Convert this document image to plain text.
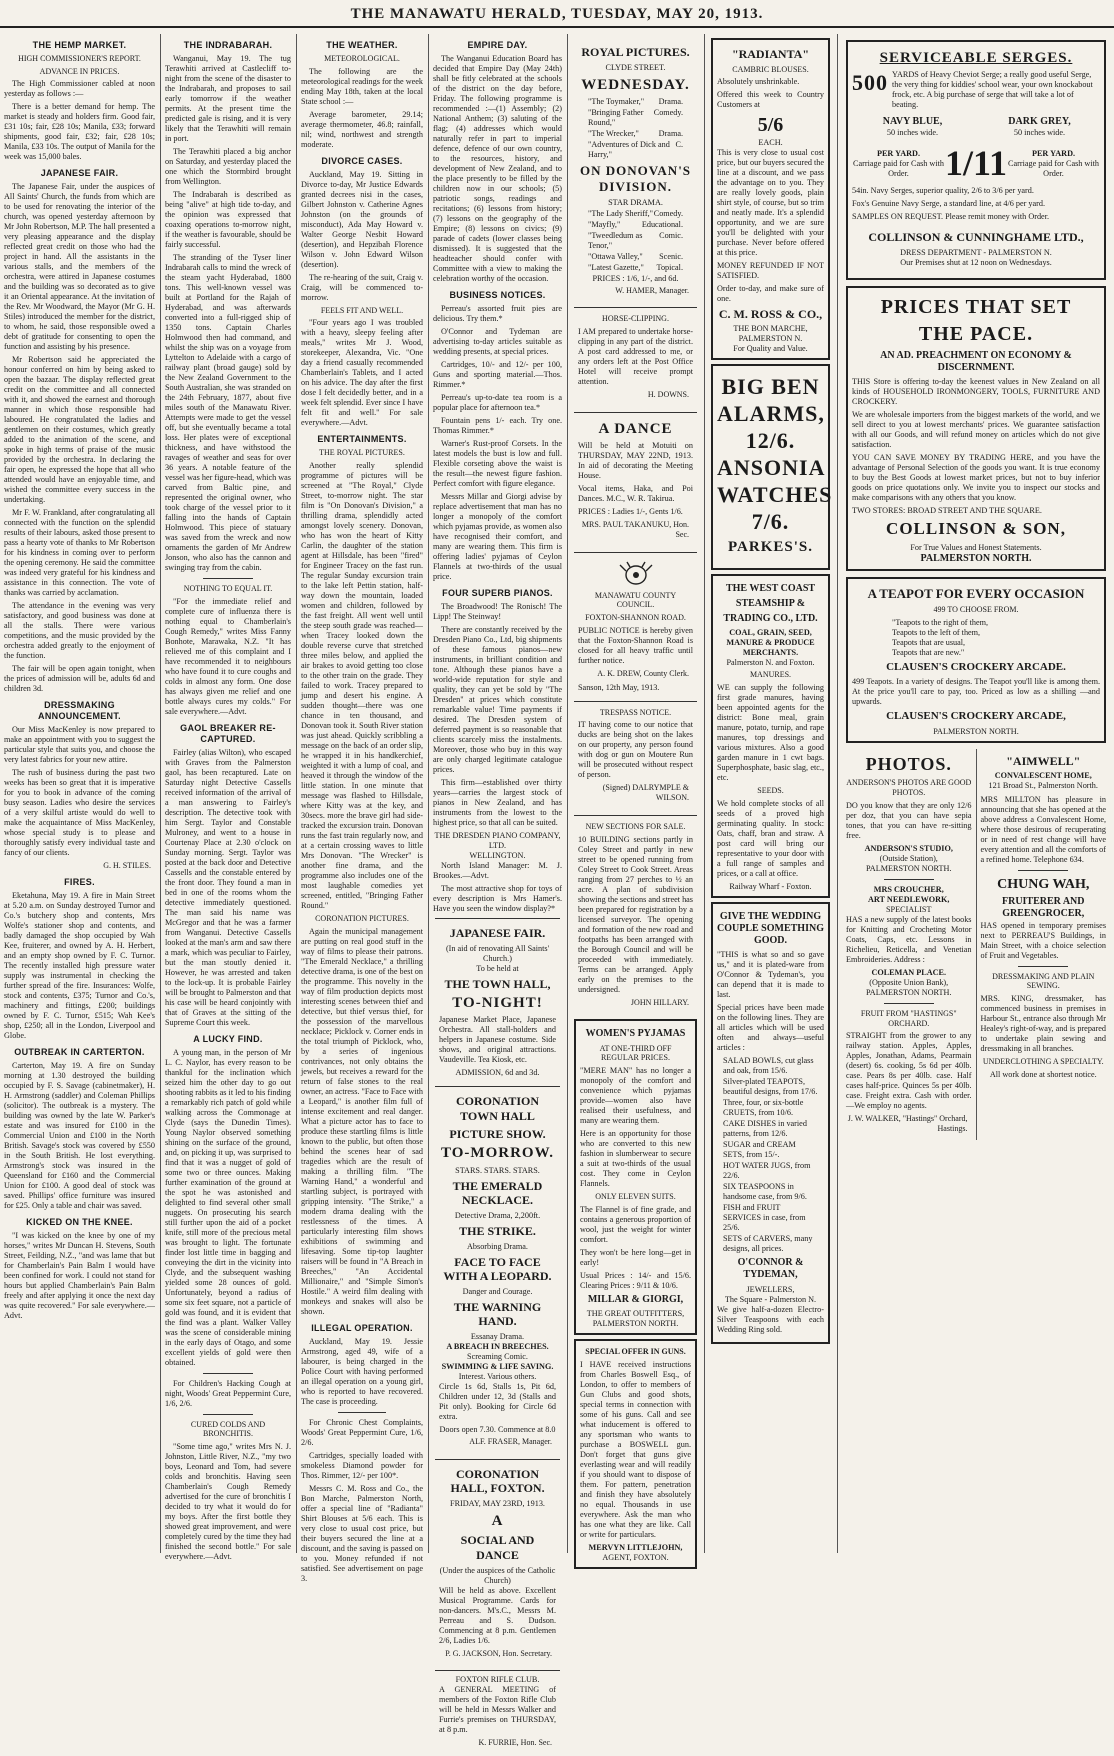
THE MANAWATU HERALD, TUESDAY, MAY 20, 1913.
THE HEMP MARKET.
HIGH COMMISSIONER'S REPORT.
ADVANCE IN PRICES.

The High Commissioner cabled at noon yesterday as follows :—

There is a better demand for hemp. The market is steady and holders firm. Good fair, £31 10s; fair, £28 10s; Manila, £33; forward shipments, good fair, £32; fair, £28 10s; Manila, £33 10s. The output of Manila for the week was 15,000 bales.

JAPANESE FAIR.

The Japanese Fair, under the auspices of All Saints' Church, the funds from which are to be used for renovating the interior of the church, was opened yesterday afternoon by Mr John Robertson, M.P. The hall presented a very pleasing appearance and the display reflected great credit on those who had the project in hand. All the assistants in the various stalls, and the members of the orchestra, were attired in Japanese costumes and the building was so decorated as to give it an Oriental appearance. At the invitation of the Rev. Mr Woodward, the Mayor (Mr G. H. Stiles) introduced the member for the district, to whom, he said, those responsible owed a debt of gratitude for consenting to open the function and assisting by his presence.

Mr Robertson said he appreciated the honour conferred on him by being asked to open the bazaar. The display reflected great credit on the committee and all connected with it, and showed the earnest and thorough manner in which those responsible had laboured. He congratulated the ladies and gentlemen on their costumes, which greatly added to the animation of the scene, and spoke in high terms of praise of the music provided by the orchestra. In declaring the fair open, he expressed the hope that all who attended would have an enjoyable time, and wished the committee every success in the undertaking.

Mr F. W. Frankland, after congratulating all connected with the function on the splendid results of their labours, asked those present to pass a hearty vote of thanks to Mr Robertson for his kindness in coming over to perform the opening ceremony. He said the committee was indeed very grateful for his kindness and assistance in this connection. The vote of thanks was carried by acclamation.

The attendance in the evening was very satisfactory, and good business was done at all the stalls. There were various competitions, and the music provided by the orchestra added greatly to the enjoyment of the function.

The fair will be open again tonight, when the prices of admission will be, adults 6d and children 3d.

DRESSMAKING ANNOUNCEMENT.

Our Miss MacKenley is now prepared to make an appointment with you to suggest the particular style that suits you, and choose the very latest fabrics for your new attire.

The rush of business during the past two weeks has been so great that it is imperative for you to book in advance of the coming busy season. Ladies who desire the services of a very skilful artiste would do well to make the acquaintance of Miss MacKenley, whose special study is to please and thoroughly satisfy every individual taste and fancy of our clients.

G. H. STILES.
FIRES.

Eketahuna, May 19. A fire in Main Street at 5.20 a.m. on Sunday destroyed Turnor and Co.'s butchery shop and contents, Mrs Wolfe's stationer shop and contents, and badly damaged the shop occupied by Wah Kee, fruiterer, and owned by A. H. Herbert, and an empty shop owned by F. C. Turnor. The recently installed high pressure water supply was instrumental in checking the further spread of the fire. Insurances: Wolfe, stock and contents, £375; Turnor and Co.'s, machinery and fittings, £200; buildings owned by F. C. Turnor, £515; Wah Kee's shop, £250; all in the London, Liverpool and Globe.

OUTBREAK IN CARTERTON.

Carterton, May 19. A fire on Sunday morning at 1.30 destroyed the building occupied by F. S. Savage (cabinetmaker), H. H. Armstrong (saddler) and Coleman Phillips (solicitor). The outbreak is a mystery. The building was owned by the late W. Parker's estate and was insured for £100 in the Commercial Union and £100 in the North British. Savage's stock was covered by £550 in the South British. He lost everything. Armstrong's stock was insured in the Queensland for £160 and the Commercial Union for £100. A good deal of stock was saved. Phillips' office furniture was insured for £25. Only a table and chair was saved.

KICKED ON THE KNEE.

"I was kicked on the knee by one of my horses," writes Mr Duncan H. Stevens, South Street, Feilding, N.Z., "and was lame that but for Chamberlain's Pain Balm I would have been confined for work. I could not stand for hours but applied Chamberlain's Pain Balm freely and after applying it once the next day was quite recovered." For sale everywhere.—Advt.

THE INDRABARAH.

Wanganui, May 19. The tug Terawhiti arrived at Castlecliff to-night from the scene of the disaster to the Indrabarah, and proposes to sail early tomorrow if the weather permits. At the present time the predicted gale is rising, and it is very likely that the Terawhiti will remain in port.

The Terawhiti placed a big anchor on Saturday, and yesterday placed the one which the Stormbird brought from Wellington.

The Indrabarah is described as being "alive" at high tide to-day, and the opinion was expressed that coaxing operations to-morrow night, if the weather is favourable, should be fairly successful.

The stranding of the Tyser liner Indrabarah calls to mind the wreck of the steam yacht Hyderabad, 1800 tons. This well-known vessel was built at Portland for the Rajah of Hyderabad, and was afterwards converted into a full-rigged ship of 1350 tons. Captain Charles Holmwood then had command, and whilst the ship was on a voyage from Lyttelton to Adelaide with a cargo of railway plant (broad gauge) sold by the New Zealand Government to the South Australian, she was stranded on the 24th February, 1877, about five miles south of the Manawatu River. Attempts were made to get the vessel off, but she eventually became a total loss. Her plates were of exceptional thickness, and have withstood the ravages of weather and seas for over 36 years. A notable feature of the vessel was her figure-head, which was carved from Baltic pine, and represented the original owner, who took charge of the vessel prior to it falling into the hands of Captain Holmwood. This piece of statuary was saved from the wreck and now ornaments the garden of Mr Andrew Jonson, who also has the cannon and swinging tray from the cabin.

NOTHING TO EQUAL IT.

"For the immediate relief and complete cure of influenza there is nothing equal to Chamberlain's Cough Remedy," writes Miss Fanny Bonhote, Marawaka, N.Z. "It has relieved me of this complaint and I have recommended it to neighbours who have found it to cure coughs and colds in almost any form. One dose has always given me relief and one bottle always cures my colds." For sale everywhere.—Advt.

GAOL BREAKER RE-CAPTURED.

Fairley (alias Wilton), who escaped with Graves from the Palmerston gaol, has been recaptured. Late on Saturday night Detective Cassells received information of the arrival of a man answering to Fairley's description. The detective took with him Sergt. Taylor and Constable Mulroney, and went to a house in Courtenay Place at 2.30 o'clock on Sunday morning. Sergt. Taylor was posted at the back door and Detective Cassells and the constable entered by the front door. They found a man in bed in one of the rooms whom the detective immediately questioned. The man said his name was McGregor and that he was a farmer from Wanganui. Detective Cassells looked at the man's arm and saw there a mark, which was peculiar to Fairley, but the man stoutly denied it. However, he was arrested and taken to the lock-up. It is probable Fairley will be brought to Palmerston and that his case will be heard conjointly with that of Graves at the sitting of the Supreme Court this week.

A LUCKY FIND.

A young man, in the person of Mr L. C. Naylor, has every reason to be thankful for the inclination which seized him the other day to go out shooting rabbits as it led to his finding a remarkably rich patch of gold while walking across the Commonage at Clyde (says the Dunedin Times). Young Naylor observed something shining on the surface of the ground, and, on picking it up, was surprised to find that it was a nugget of gold of some two or three ounces. Making further examination of the ground at the spot he was astonished and delighted to find several other small nuggets. On prosecuting his search still further upon the aid of a pocket knife, still more of the precious metal was brought to light. The fortunate finder lost little time in bagging and conveying the dirt in the vicinity into Clyde, and the subsequent washing yielded some 28 ounces of gold. Unfortunately, beyond a radius of some six feet square, not a particle of gold was found, and it is evident that the find was a plant. Walker Valley was the scene of considerable mining in the early days of Otago, and some excellent yields of gold were then obtained.

For Children's Hacking Cough at night, Woods' Great Peppermint Cure, 1/6, 2/6.

CURED COLDS AND BRONCHITIS.

"Some time ago," writes Mrs N. J. Johnston, Little River, N.Z., "my two boys, Leonard and Tom, had severe colds and bronchitis. Having seen Chamberlain's Cough Remedy advertised for the cure of bronchitis I decided to try what it would do for my boys. After the first bottle they showed great improvement, and were completely cured by the time they had finished the second bottle." For sale everywhere.—Advt.

THE WEATHER.
METEOROLOGICAL.

The following are the meteorological readings for the week ending May 18th, taken at the local State school :—

Average barometer, 29.14; average thermometer, 46.8; rainfall, nil; wind, northwest and strength moderate.

DIVORCE CASES.

Auckland, May 19. Sitting in Divorce to-day, Mr Justice Edwards granted decrees nisi in the cases, Gilbert Johnston v. Catherine Agnes Johnston (on the grounds of misconduct), Ada May Howard v. Walter George Nesbit Howard (desertion), and Hepzibah Florence Wilson v. John Edward Wilson (desertion).

The re-hearing of the suit, Craig v. Craig, will be commenced to-morrow.

FEELS FIT AND WELL.

"Four years ago I was troubled with a heavy, sleepy feeling after meals," writes Mr J. Wood, storekeeper, Alexandra, Vic. "One day a friend casually recommended Chamberlain's Tablets, and I acted on his advice. The day after the first dose I felt decidedly better, and in a week felt splendid. Ever since I have felt fit and well." For sale everywhere.—Advt.

ENTERTAINMENTS.
THE ROYAL PICTURES.

Another really splendid programme of pictures will be screened at "The Royal," Clyde Street, to-morrow night. The star film is "On Donovan's Division," a thrilling drama, splendidly acted amongst lovely scenery. Donovan, who has won the heart of Kitty Carlin, the daughter of the station agent at Hillsdale, has been "fired" for Engineer Tracey on the fast run. The regular Sunday excursion train to the lake left Pettin station, half-way down the mountain, loaded women and children, followed by the fast freight. All went well until the steep south grade was reached—when Tracey looked down the double reverse curve that stretched three miles below, and applied the air brakes to avoid getting too close to the other train on the grade. They failed to work. Tracey prepared to jump and desert his engine. A sudden thought—there was one chance in ten thousand, and Donovan took it. South River station was just ahead. Quickly scribbling a message on the back of an order slip, he wrapped it in his handkerchief, weighted it with a lump of coal, and heaved it through the window of the little station. In one minute that message was flashed to Hillsdale, where Kitty was at the key, and 30secs. more the brave girl had side-tracked the excursion train. Donovan runs the fast train regularly now, and at a certain crossing waves to little Mrs Donovan. "The Wrecker" is another fine drama, and the programme also includes one of the most laughable comedies yet screened, entitled, "Bringing Father Round."

CORONATION PICTURES.

Again the municipal management are putting on real good stuff in the way of films to please their patrons. "The Emerald Necklace," a thrilling detective drama, is one of the best on the programme. This novelty in the way of film production depicts most interesting scenes between thief and detective, but thief versus thief, for the possession of the marvellous necklace; Picklock v. Corner ends in the total triumph of Picklock, who, by a series of ingenious contrivances, not only obtains the jewels, but receives a reward for the return of false stones to the real owner, an actress. "Face to Face with a Leopard," is another film full of intense excitement and real danger. What a picture actor has to face to produce these startling films is little known to the public, but often those behind the scenes hear of sad tragedies which are the result of making a thrilling film. "The Warning Hand," a wonderful and startling subject, is portrayed with gripping intensity. "The Strike," a modern drama dealing with the restlessness of the times. A particularly interesting film shows exhibitions of swimming and lifesaving. Some tip-top laughter raisers will be found in "A Breach in Breeches," "An Accidental Millionaire," and "Simple Simon's Hostile." A weird film dealing with monkeys and snakes will also be shown.

ILLEGAL OPERATION.

Auckland, May 19. Jessie Armstrong, aged 49, wife of a labourer, is being charged in the Police Court with having performed an illegal operation on a young girl, who is reported to have recovered. The case is proceeding.

For Chronic Chest Complaints, Woods' Great Peppermint Cure, 1/6, 2/6.

Cartridges, specially loaded with smokeless Diamond powder for Thos. Rimmer, 12/- per 100*.

Messrs C. M. Ross and Co., the Bon Marche, Palmerston North, offer a special line of "Radianta" Shirt Blouses at 5/6 each. This is very close to usual cost price, but their buyers secured the line at a discount, and the saving is passed on to you. Money refunded if not satisfied. See advertisement on page 3.

EMPIRE DAY.

The Wanganui Education Board has decided that Empire Day (May 24th) shall be fitly celebrated at the schools of the district on the day before, Friday. The following programme is recommended :—(1) Assembly; (2) National Anthem; (3) saluting of the flag; (4) addresses which would naturally refer in part to imperial defence, defence of our own country, to the resources, history, and development of New Zealand, and to the place presently to be filled by the children now in our schools; (5) patriotic songs, readings and recitations; (6) lessons from history; (7) lessons on the geography of the Empire; (8) lessons on civics; (9) parade of cadets (lower classes being dismissed). It is suggested that the headteacher should confer with Committee with a view to making the celebration worthy of the occasion.

BUSINESS NOTICES.

Perreau's assorted fruit pies are delicious. Try them.*

O'Connor and Tydeman are advertising to-day articles suitable as wedding presents, at special prices.

Cartridges, 10/- and 12/- per 100, Guns and sporting material.—Thos. Rimmer.*

Perreau's up-to-date tea room is a popular place for afternoon tea.*

Fountain pens 1/- each. Try one. Thomas Rimmer.*

Warner's Rust-proof Corsets. In the latest models the bust is low and full. Flexible corseting above the waist is the result—the newest figure fashion. Perfect comfort with figure elegance.

Messrs Millar and Giorgi advise by replace advertisement that man has no longer a monopoly of the comfort which pyjamas provide, as women also have recognised their comfort, and many are wearing them. This firm is offering ladies' pyjamas of Ceylon Flannels at two-thirds of the usual price.

FOUR SUPERB PIANOS.

The Broadwood! The Ronisch! The Lipp! The Steinway!

There are constantly received by the Dresden Piano Co., Ltd, big shipments of these famous pianos—new instruments, in brilliant condition and tone. Although these pianos have a world-wide reputation for style and quality, they can yet be sold by "The Dresden" at prices which constitute remarkable value! Time payments if desired. The Dresden system of deferred payment is so reasonable that clients scarcely miss the instalments. Moreover, those who buy in this way are only charged legitimate catalogue prices.

This firm—established over thirty years—carries the largest stock of pianos in New Zealand, and has instruments from the lowest to the highest price, so that all can be suited.

THE DRESDEN PIANO COMPANY, LTD.
WELLINGTON.

North Island Manager: M. J. Brookes.—Advt.

The most attractive shop for toys of every description is Mrs Hamer's. Have you seen the window display?*

JAPANESE FAIR.
(In aid of renovating All Saints' Church.)
To be held at
THE TOWN HALL,
TO-NIGHT!

Japanese Market Place, Japanese Orchestra. All stall-holders and helpers in Japanese costume. Side shows, and original attractions. Vaudeville. Tea Kiosk, etc.

ADMISSION, 6d and 3d.
CORONATION TOWN HALL
PICTURE SHOW.
TO-MORROW.
STARS. STARS. STARS.
THE EMERALD NECKLACE.
Detective Drama, 2,200ft.
THE STRIKE.
Absorbing Drama.
FACE TO FACE WITH A LEOPARD.
Danger and Courage.
THE WARNING HAND.
Essanay Drama.
A BREACH IN BREECHES.
Screaming Comic.
SWIMMING & LIFE SAVING.
Interest. Various others.

Circle 1s 6d, Stalls 1s, Pit 6d, Children under 12, 3d (Stalls and Pit only). Booking for Circle 6d extra.

Doors open 7.30. Commence at 8.0
ALF. FRASER, Manager.
CORONATION HALL, FOXTON.
FRIDAY, MAY 23RD, 1913.
A
SOCIAL AND DANCE
(Under the auspices of the Catholic Church)

Will be held as above. Excellent Musical Programme. Cards for non-dancers. M's.C., Messrs M. Perreau and S. Dudson. Commencing at 8 p.m. Gentlemen 2/6, Ladies 1/6.

P. G. JACKSON, Hon. Secretary.
FOXTON RIFLE CLUB.

A GENERAL MEETING of members of the Foxton Rifle Club will be held in Messrs Walker and Furrie's premises on THURSDAY, at 8 p.m.

K. FURRIE, Hon. Sec.
ROYAL PICTURES.
CLYDE STREET.
WEDNESDAY.
"The Toymaker," Drama.
"Bringing Father Round,"
Comedy.
"The Wrecker," Drama.
"Adventures of Dick and Harry,"
C.
ON DONOVAN'S DIVISION.
STAR DRAMA.
"The Lady Sheriff," Comedy.
"Mayfly,"	Educational.
"Tweedledum as Tenor,"
Comic.
"Ottawa Valley," Scenic.
"Latest Gazette," Topical.
PRICES : 1/6, 1/-, and 6d.
W. HAMER, Manager.
HORSE-CLIPPING.

I AM prepared to undertake horse-clipping in any part of the district. A post card addressed to me, or any orders left at the Post Office Hotel will receive prompt attention.

H. DOWNS.
A DANCE

Will be held at Motuiti on THURSDAY, MAY 22ND, 1913. In aid of decorating the Meeting House.

Vocal items, Haka, and Poi Dances. M.C., W. R. Takirua.

PRICES : Ladies 1/-, Gents 1/6.

MRS. PAUL TAKANUKU, Hon. Sec.
MANAWATU COUNTY COUNCIL.
FOXTON-SHANNON ROAD.

PUBLIC NOTICE is hereby given that the Foxton-Shannon Road is closed for all heavy traffic until further notice.

A. K. DREW, County Clerk.
Sanson, 12th May, 1913.
TRESPASS NOTICE.

IT having come to our notice that ducks are being shot on the lakes on our property, any person found with dog or gun on Moutere Run will be prosecuted without respect of person.

(Signed) DALRYMPLE & WILSON.
NEW SECTIONS FOR SALE.

10 BUILDING sections partly in Coley Street and partly in new street to be opened running from Coley Street to Cook Street. Areas ranging from 27 perches to ½ an acre. A plan of subdivision showing the sections and street has been prepared for registration by a licensed surveyor. The opening and formation of the new road and footpaths has been arranged with the Borough Council and will be proceeded with immediately. Terms can be arranged. Apply early on the premises to the undersigned.

JOHN HILLARY.
WOMEN'S PYJAMAS
AT ONE-THIRD OFF REGULAR PRICES.

"MERE MAN" has no longer a monopoly of the comfort and convenience which pyjamas provide—women also have realised their usefulness, and many are wearing them.

Here is an opportunity for those who are converted to this new fashion in slumberwear to secure a suit at two-thirds of the usual cost. They come in Ceylon Flannels.

ONLY ELEVEN SUITS.

The Flannel is of fine grade, and contains a generous proportion of wool, just the weight for winter comfort.

They won't be here long—get in early!

Usual Prices : 14/- and 15/6. Clearing Prices : 9/11 & 10/6.

MILLAR & GIORGI,
THE GREAT OUTFITTERS,
PALMERSTON NORTH.
SPECIAL OFFER IN GUNS.

I HAVE received instructions from Charles Boswell Esq., of London, to offer to members of Gun Clubs and good shots, special terms in connection with some of his guns. Call and see what inducement is offered to any sportsman who wants to purchase a BOSWELL gun. Don't forget that guns give everlasting wear and will readily if you should want to dispose of them. For pattern, penetration and finish they have absolutely no equal. Thousands in use everywhere. Ask the man who has one what they are like. Call or write for particulars.

MERVYN LITTLEJOHN,
AGENT, FOXTON.
"RADIANTA"
CAMBRIC BLOUSES.

Absolutely unshrinkable.

Offered this week to Country Customers at

5/6
EACH.

This is very close to usual cost price, but our buyers secured the line at a discount, and we pass the advantage on to you. They are really lovely goods, plain shirt style, of course, but so trim and neatly made. It's a splendid opportunity, and we are sure you'll be delighted with your purchase. Never before offered at this price.

MONEY REFUNDED IF NOT SATISFIED.

Order to-day, and make sure of one.

C. M. ROSS & CO.,
THE BON MARCHE,
PALMERSTON N.
For Quality and Value.
BIG BEN
ALARMS,
12/6.
ANSONIA
WATCHES
7/6.
PARKES'S.
THE WEST COAST
STEAMSHIP &
TRADING CO., LTD.
COAL, GRAIN, SEED, MANURE & PRODUCE MERCHANTS.
Palmerston N. and Foxton.
MANURES.

WE can supply the following first grade manures, having been appointed agents for the district: Bone meal, grain manure, potato, turnip, and rape manures, top dressings and various mixtures. Also a good garden manure in 1 cwt bags. Superphosphate, basic slag, etc., etc.

SEEDS.

We hold complete stocks of all seeds of a proved high germinating quality. In stock: Oats, chaff, bran and straw. A post card will bring our representative to your door with a full range of samples and prices, or a call at office.

Railway Wharf - Foxton.
GIVE THE WEDDING COUPLE SOMETHING GOOD.

"THIS is what so and so gave us," and it is plated-ware from O'Connor & Tydeman's, you can depend that it is made to last.

Special prices have been made on the following lines. They are all articles which will be used often and always—useful articles :

SALAD BOWLS, cut glass and oak, from 15/6.
Silver-plated TEAPOTS, beautiful designs, from 17/6.
Three, four, or six-bottle CRUETS, from 10/6.
CAKE DISHES in varied patterns, from 12/6.
SUGAR and CREAM SETS, from 15/-.
HOT WATER JUGS, from 22/6.
SIX TEASPOONS in handsome case, from 9/6.
FISH and FRUIT SERVICES in case, from 25/6.
SETS of CARVERS, many designs, all prices.
O'CONNOR & TYDEMAN,
JEWELLERS,
The Square - Palmerston N.

We give half-a-dozen Electro-Silver Teaspoons with each Wedding Ring sold.

SERVICEABLE SERGES.
500 YARDS of Heavy Cheviot Serge; a really good useful Serge, the very thing for kiddies' school wear, your own knockabout frock, etc. A big purchase of serge that will take a lot of beating.
NAVY BLUE,
50 inches wide.
DARK GREY,
50 inches wide.
PER YARD.
Carriage paid for Cash with Order.	1/11	PER YARD.
Carriage paid for Cash with Order.

54in. Navy Serges, superior quality, 2/6 to 3/6 per yard.

Fox's Genuine Navy Serge, a standard line, at 4/6 per yard.

SAMPLES ON REQUEST. Please remit money with Order.

COLLINSON & CUNNINGHAME LTD.,
DRESS DEPARTMENT - PALMERSTON N.
Our Premises shut at 12 noon on Wednesdays.
PRICES THAT SET
THE PACE.
AN AD. PREACHMENT ON ECONOMY & DISCERNMENT.

THIS Store is offering to-day the keenest values in New Zealand on all kinds of HOUSEHOLD IRONMONGERY, TOOLS, FURNITURE AND CROCKERY.

We are wholesale importers from the biggest markets of the world, and we sell direct to you at lowest merchants' prices. We guarantee satisfaction with all our Goods, and will refund money on articles which do not give satisfaction.

YOU CAN SAVE MONEY BY TRADING HERE, and you have the advantage of Personal Selection of the goods you want. It is true economy to buy the Best Goods at lowest market prices, but not to buy inferior goods on price quotations only. We invite you to inspect our stocks and make comparisons with any others that you know.

TWO STORES: BROAD STREET AND THE SQUARE.

COLLINSON & SON,
For True Values and Honest Statements.
PALMERSTON NORTH.
A TEAPOT FOR EVERY OCCASION
499 TO CHOOSE FROM.
"Teapots to the right of them,
Teapots to the left of them,
Teapots that are usual,
Teapots that are new."
CLAUSEN'S CROCKERY ARCADE.

499 Teapots. In a variety of designs. The Teapot you'll like is among them. At the price you'll care to pay, too. Priced as low as a shilling —and upwards.

CLAUSEN'S CROCKERY ARCADE,
PALMERSTON NORTH.
PHOTOS.
ANDERSON'S PHOTOS ARE GOOD PHOTOS.

DO you know that they are only 12/6 per doz, that you can have sepia tones, that you can have re-sitting free.

ANDERSON'S STUDIO,
(Outside Station),
PALMERSTON NORTH.
MRS CROUCHER,
ART NEEDLEWORK,
SPECIALIST

HAS a new supply of the latest books for Knitting and Crocheting Motor Coats, Caps, etc. Lessons in Richelieu, Reticella, and Venetian Embroideries. Address :

COLEMAN PLACE.
(Opposite Union Bank),
PALMERSTON NORTH.
FRUIT FROM "HASTINGS" ORCHARD.

STRAIGHT from the grower to any railway station. Apples, Apples, Apples, Jonathan, Adams, Pearmain (desert) 6s. cooking, 5s 6d per 40lb. case. Pears 8s per 40lb. case. Half cases half-price. Quinces 5s per 40lb. case. Freight extra. Cash with order.—We employ no agents.

J. W. WALKER, "Hastings" Orchard, Hastings.
"AIMWELL"
CONVALESCENT HOME,
121 Broad St., Palmerston North.

MRS MILLTON has pleasure in announcing that she has opened at the above address a Convalescent Home, where those desirous of recuperating or in need of rest change will have every attention and all the comforts of a refined home. Telephone 634.

CHUNG WAH,
FRUITERER AND GREENGROCER,

HAS opened in temporary premises next to PERREAU'S Buildings, in Main Street, with a choice selection of Fruit and Vegetables.

DRESSMAKING AND PLAIN SEWING.

MRS. KING, dressmaker, has commenced business in premises in Harbour St., entrance also through Mr Healey's right-of-way, and is prepared to undertake plain sewing and dressmaking in all branches.

UNDERCLOTHING A SPECIALTY.
All work done at shortest notice.
